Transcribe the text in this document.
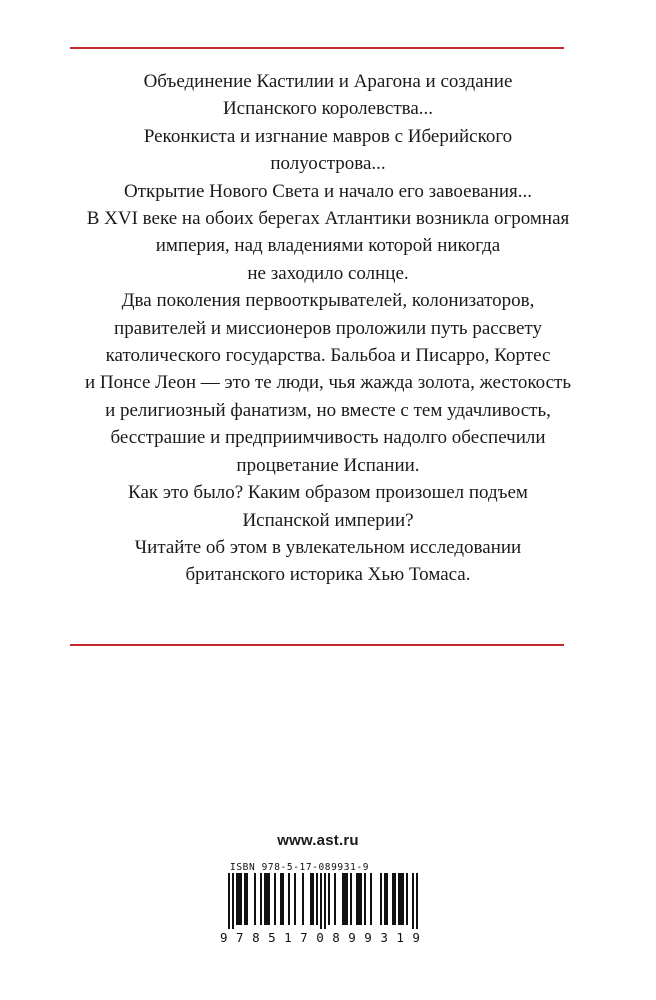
Объединение Кастилии и Арагона и создание
Испанского королевства...
Реконкиста и изгнание мавров с Иберийского
полуострова...
Открытие Нового Света и начало его завоевания...
В XVI веке на обоих берегах Атлантики возникла огромная
империя, над владениями которой никогда
не заходило солнце.
Два поколения первооткрывателей, колонизаторов,
правителей и миссионеров проложили путь рассвету
католического государства. Бальбоа и Писарро, Кортес
и Понсе Леон — это те люди, чья жажда золота, жестокость
и религиозный фанатизм, но вместе с тем удачливость,
бесстрашие и предприимчивость надолго обеспечили
процветание Испании.
Как это было? Каким образом произошел подъем
Испанской империи?
Читайте об этом в увлекательном исследовании
британского историка Хью Томаса.
www.ast.ru
ISBN 978-5-17-089931-9
9 7 8 5 1 7 0 8 9 9 3 1 9
